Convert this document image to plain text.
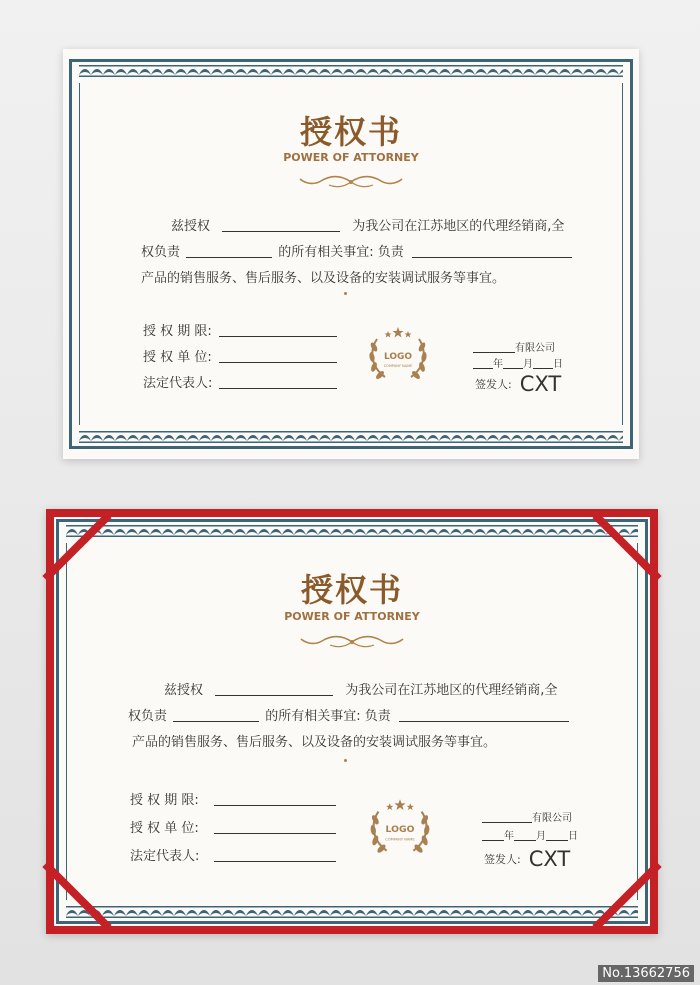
授权书
POWER OF ATTORNEY
兹授权	为我公司在江苏地区的代理经销商,全
权负责	的所有相关事宜: 负责
产品的销售服务、售后服务、以及设备的安装调试服务等事宜。
授 权 期 限:
授 权 单 位:
法定代表人:
LOGO
COMPANY NAME
有限公司
年 月 日
签发人: CXT
授权书
POWER OF ATTORNEY
兹授权	为我公司在江苏地区的代理经销商,全
权负责	的所有相关事宜: 负责
产品的销售服务、售后服务、以及设备的安装调试服务等事宜。
授 权 期 限:
授 权 单 位:
法定代表人:
LOGO
COMPANY NAME
有限公司
年 月 日
签发人: CXT
No.13662756
